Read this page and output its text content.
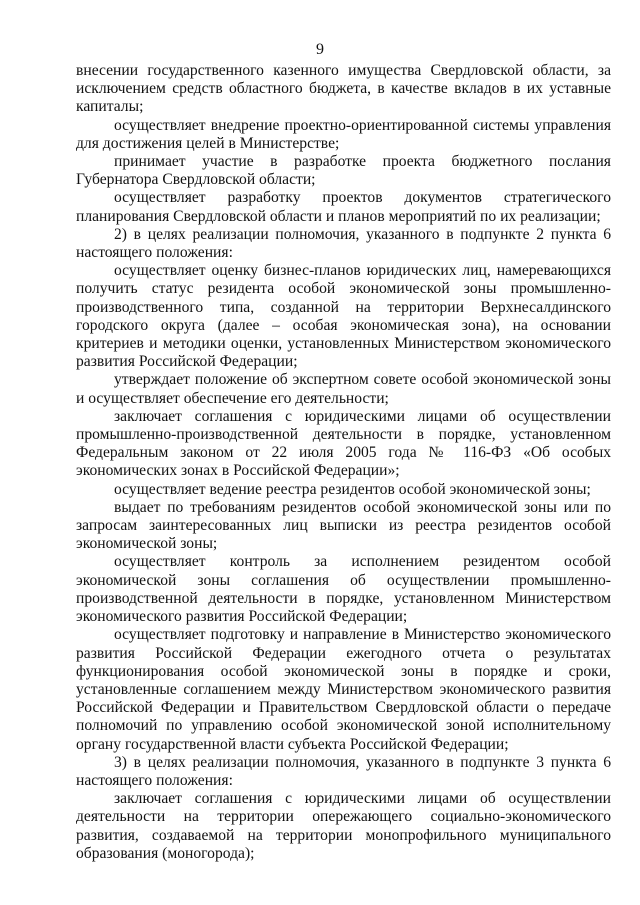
9

внесении государственного казенного имущества Свердловской области, за исключением средств областного бюджета, в качестве вкладов в их уставные капиталы;

осуществляет внедрение проектно-ориентированной системы управления для достижения целей в Министерстве;

принимает участие в разработке проекта бюджетного послания Губернатора Свердловской области;

осуществляет разработку проектов документов стратегического планирования Свердловской области и планов мероприятий по их реализации;

2) в целях реализации полномочия, указанного в подпункте 2 пункта 6 настоящего положения:

осуществляет оценку бизнес-планов юридических лиц, намеревающихся получить статус резидента особой экономической зоны промышленно-производственного типа, созданной на территории Верхнесалдинского городского округа (далее – особая экономическая зона), на основании критериев и методики оценки, установленных Министерством экономического развития Российской Федерации;

утверждает положение об экспертном совете особой экономической зоны и осуществляет обеспечение его деятельности;

заключает соглашения с юридическими лицами об осуществлении промышленно-производственной деятельности в порядке, установленном Федеральным законом от 22 июля 2005 года № 116-ФЗ «Об особых экономических зонах в Российской Федерации»;

осуществляет ведение реестра резидентов особой экономической зоны;

выдает по требованиям резидентов особой экономической зоны или по запросам заинтересованных лиц выписки из реестра резидентов особой экономической зоны;

осуществляет контроль за исполнением резидентом особой экономической зоны соглашения об осуществлении промышленно-производственной деятельности в порядке, установленном Министерством экономического развития Российской Федерации;

осуществляет подготовку и направление в Министерство экономического развития Российской Федерации ежегодного отчета о результатах функционирования особой экономической зоны в порядке и сроки, установленные соглашением между Министерством экономического развития Российской Федерации и Правительством Свердловской области о передаче полномочий по управлению особой экономической зоной исполнительному органу государственной власти субъекта Российской Федерации;

3) в целях реализации полномочия, указанного в подпункте 3 пункта 6 настоящего положения:

заключает соглашения с юридическими лицами об осуществлении деятельности на территории опережающего социально-экономического развития, создаваемой на территории монопрофильного муниципального образования (моногорода);
